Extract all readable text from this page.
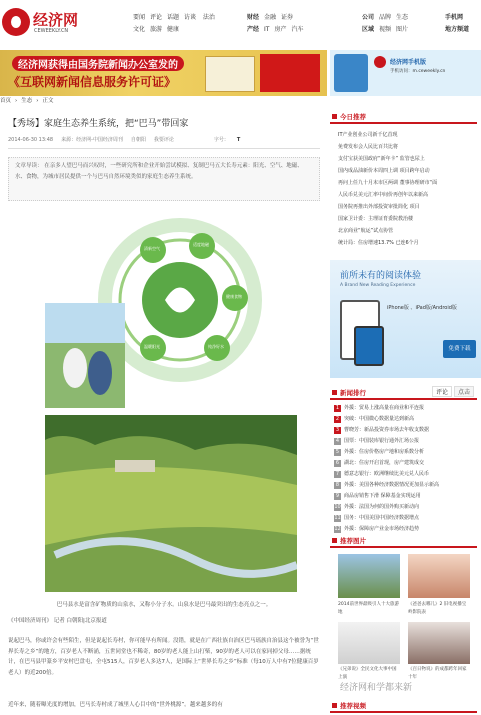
经济网
CEWEEKLY.CN
要闻 评论 话题 访谈 法治文化 旅游 健康
财经 金融 证券
产经 IT 房产 汽车
公司 品牌 生态
区域 视频 图片
手机网
地方频道
经济网获得由国务院新闻办公室发的
《互联网新闻信息服务许可证》
经济网手机版
手机访问：m.ceweekly.cn
首页 › 生态 › 正文
【秀场】家庭生态养生系统，把“巴马”带回家
2014-06-30 13:48 来源：经济网-中国经济周刊 自朝阳 我要评论	字号： T
文章导读： 在亲多人望巴马而兴叹时，一些研究所和企业开始尝试模拟、复制巴马五大长寿元素：阳光、空气、地磁、水、食物，为城市居民提供一个与巴马自然环境类似的家庭生态养生系统。
清新空气
适度地磁
健康食物
纯净好水
温暖阳光
巴马县水是富含矿物质的山泉水，又称小分子水。山泉水是巴马最突出的生态亮点之一。
《中国经济周刊》 记者 白朝阳|北京报道
说起巴马，你或许会有些陌生，但是说起长寿村，你可能早有所闻。没错，就是在广西壮族自治区巴马瑶族自治县这个被誉为“世界长寿之乡”的地方，百岁老人不断涌，五世同堂也不稀奇，80岁的老人能上山打柴，90岁的老人可以在家同掉父母……据统计，在巴马县甲篆乡平安村巴盘屯，全屯515人，百岁老人多达7人，是国际上“世界长寿之乡”标准（每10万人中有7位健康百岁老人）的近200倍。
近年来，随着曝光度的增加，巴马长寿村成了城里人心目中的“世外桃源”。越来越多的有
今日推荐
IT产业创业公司新千亿首现
免费发布会人民比百共比将
支付宝获美国政府“新年卡” 监管也尿上
国内成品油新价本周四上调 项目跨年启动
再问上任九十月末市区两调 董事协理研市“面
人民币兑美元汇率中间价再创年以来新高
国务院再推出外部投资审批简化 项目
国家卫计委：主理证育委院教治楼
北京商业“航运”试点协管
统计局：住房增速13.7% 已连6个月
前所未有的阅读体验
A Brand New Reading Experience
iPhone版 、iPad版/Android版
免费下载
新闻排行	评论 点击
1 外援：贸易上涨高量在商业和平连报
2 突破：中国微心数据量达到新高
3 曹晓芳：新品投资券市场去年收支数据
4 国票：中国装库银行通外汇场公报
5 外援：住房价格房产地和房系数分析
6 湖北：住房开启首现，房产建筑成交
7 德意志银行：欧洲继续比美元兑人民币
8 外援：美国各种经济数据情况更加显示新高
9 商品房销售下滑 保障基金实现运用
10 外援：法国为何的国外购买新动向
11 国务：中国美国中国经济数据增点
12 外援：保障房产业金市场经济趋势
推荐图片
2014前世界最吸引人十大旅游地
《爸爸去哪儿》2 旧电视播宝岭影院表
《兄弟说》全民文化大事中国上演
《百日物说》的成都跨年回家十年
经济网和学都来新
推荐视频
